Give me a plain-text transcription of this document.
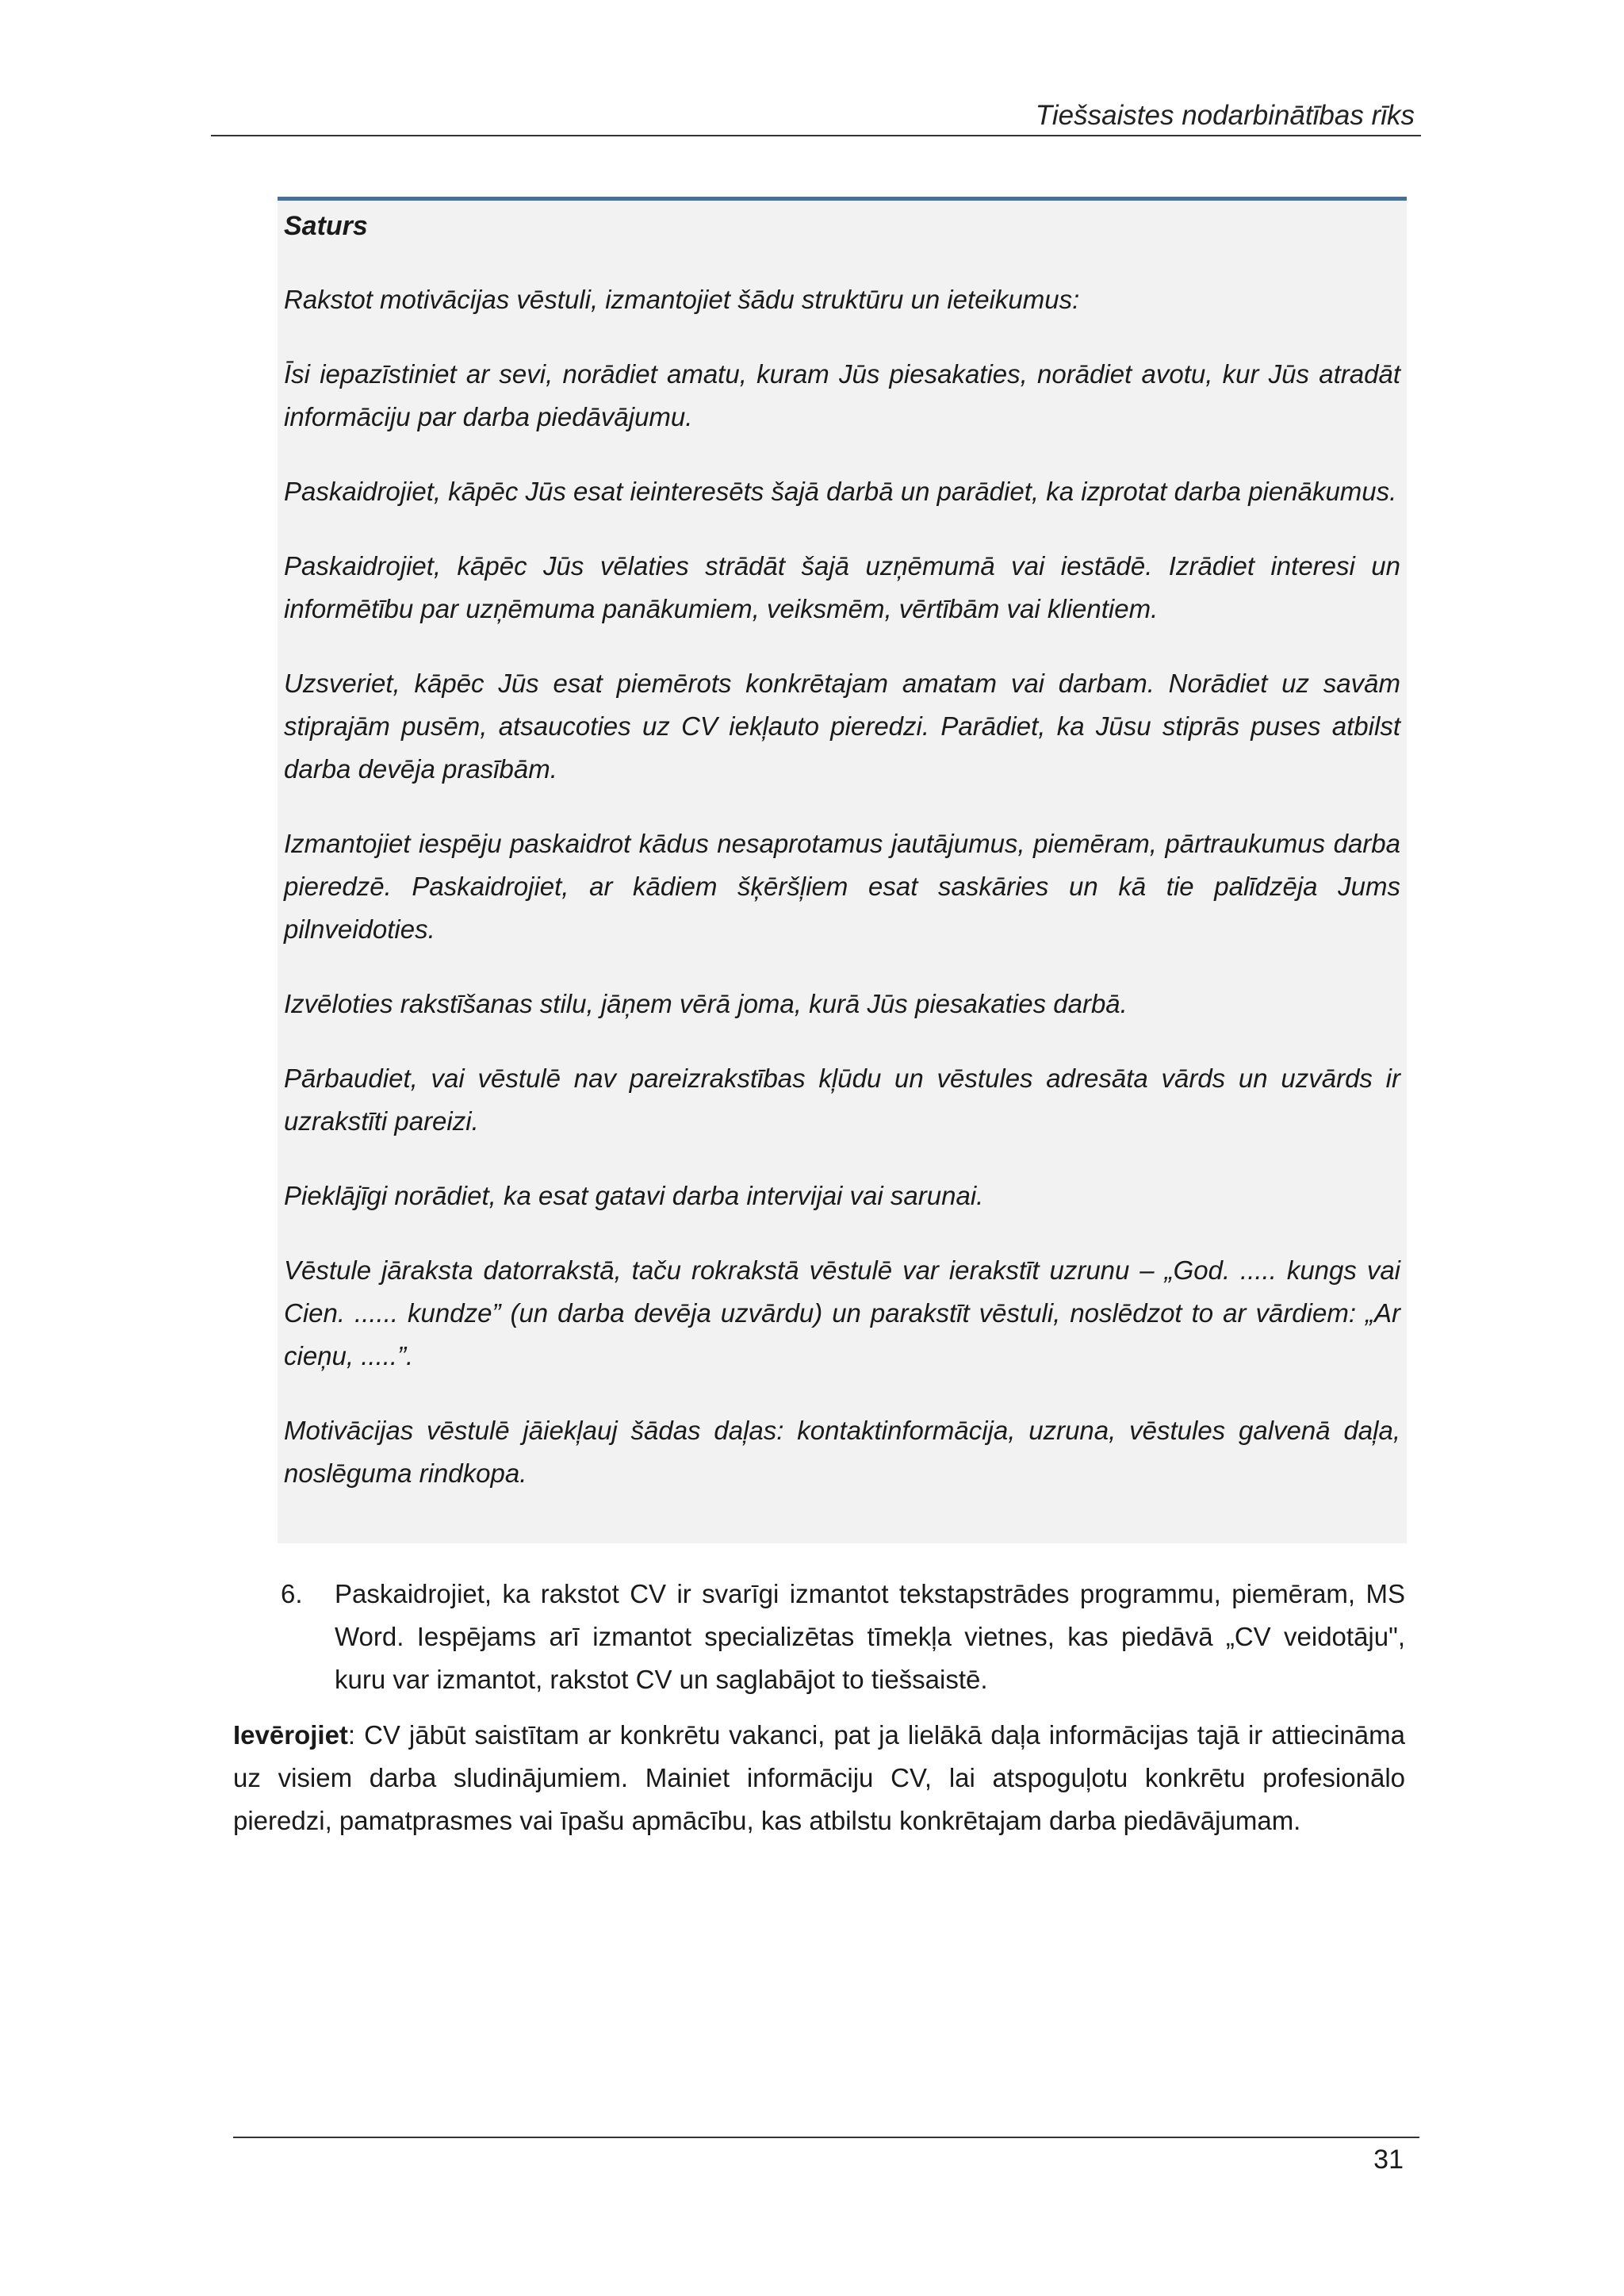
Tiešsaistes nodarbinātības rīks

Saturs

Rakstot motivācijas vēstuli, izmantojiet šādu struktūru un ieteikumus:

Īsi iepazīstiniet ar sevi, norādiet amatu, kuram Jūs piesakaties, norādiet avotu, kur Jūs atradāt informāciju par darba piedāvājumu.

Paskaidrojiet, kāpēc Jūs esat ieinteresēts šajā darbā un parādiet, ka izprotat darba pienākumus.

Paskaidrojiet, kāpēc Jūs vēlaties strādāt šajā uzņēmumā vai iestādē. Izrādiet interesi un informētību par uzņēmuma panākumiem, veiksmēm, vērtībām vai klientiem.

Uzsveriet, kāpēc Jūs esat piemērots konkrētajam amatam vai darbam. Norādiet uz savām stiprajām pusēm, atsaucoties uz CV iekļauto pieredzi. Parādiet, ka Jūsu stiprās puses atbilst darba devēja prasībām.

Izmantojiet iespēju paskaidrot kādus nesaprotamus jautājumus, piemēram, pārtraukumus darba pieredzē. Paskaidrojiet, ar kādiem šķēršļiem esat saskāries un kā tie palīdzēja Jums pilnveidoties.

Izvēloties rakstīšanas stilu, jāņem vērā joma, kurā Jūs piesakaties darbā.

Pārbaudiet, vai vēstulē nav pareizrakstības kļūdu un vēstules adresāta vārds un uzvārds ir uzrakstīti pareizi.

Pieklājīgi norādiet, ka esat gatavi darba intervijai vai sarunai.

Vēstule jāraksta datorrakstā, taču rokrakstā vēstulē var ierakstīt uzrunu – „God. ..... kungs vai Cien. ...... kundze” (un darba devēja uzvārdu) un parakstīt vēstuli, noslēdzot to ar vārdiem: „Ar cieņu, .....”.

Motivācijas vēstulē jāiekļauj šādas daļas: kontaktinformācija, uzruna, vēstules galvenā daļa, noslēguma rindkopa.

6. Paskaidrojiet, ka rakstot CV ir svarīgi izmantot tekstapstrādes programmu, piemēram, MS Word. Iespējams arī izmantot specializētas tīmekļa vietnes, kas piedāvā „CV veidotāju", kuru var izmantot, rakstot CV un saglabājot to tiešsaistē.
Ievērojiet: CV jābūt saistītam ar konkrētu vakanci, pat ja lielākā daļa informācijas tajā ir attiecināma uz visiem darba sludinājumiem. Mainiet informāciju CV, lai atspoguļotu konkrētu profesionālo pieredzi, pamatprasmes vai īpašu apmācību, kas atbilstu konkrētajam darba piedāvājumam.
31
